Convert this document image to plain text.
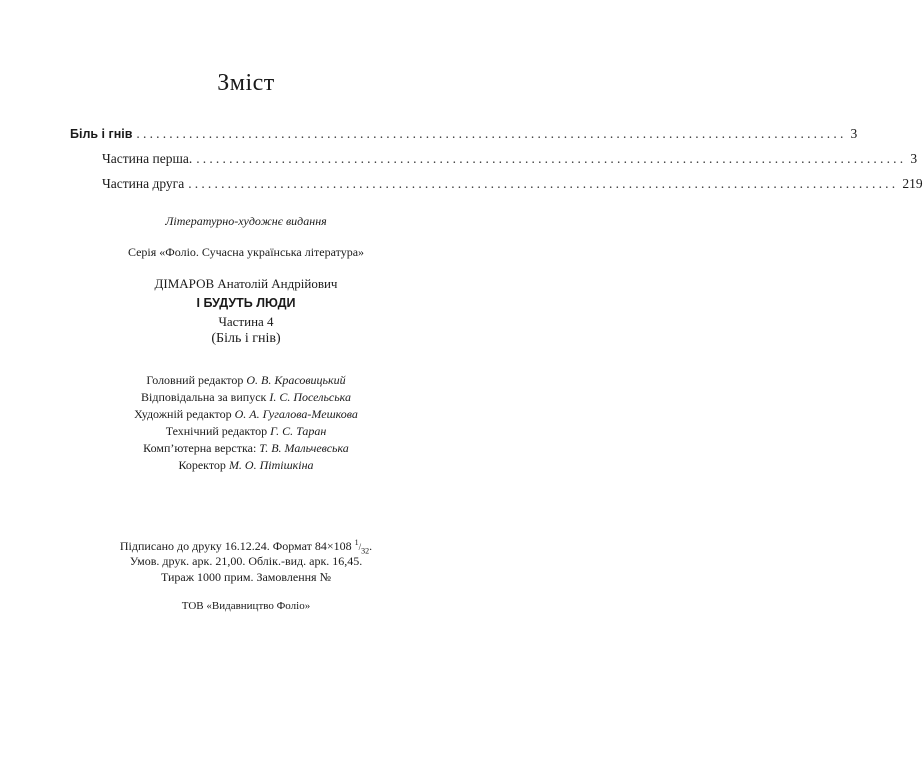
Зміст
Біль і гнів ............................................................................................................ 3
Частина перша. ............................................................................................................ 3
Частина друга ............................................................................................................ 219
Літературно-художнє видання
Серія «Фоліо. Сучасна українська література»
ДІМАРОВ Анатолій Андрійович
І БУДУТЬ ЛЮДИ
Частина 4
(Біль і гнів)
Головний редактор О. В. Красовицький
Відповідальна за випуск І. С. Посельська
Художній редактор О. А. Гугалова-Мешкова
Технічний редактор Г. С. Таран
Комп’ютерна верстка: Т. В. Мальчевська
Коректор М. О. Пітішкіна
Підписано до друку 16.12.24. Формат 84×108 $^1/_{32}$.
Умов. друк. арк. 21,00. Облік.-вид. арк. 16,45.
Тираж 1000 прим. Замовлення №
ТОВ «Видавництво Фоліо»
